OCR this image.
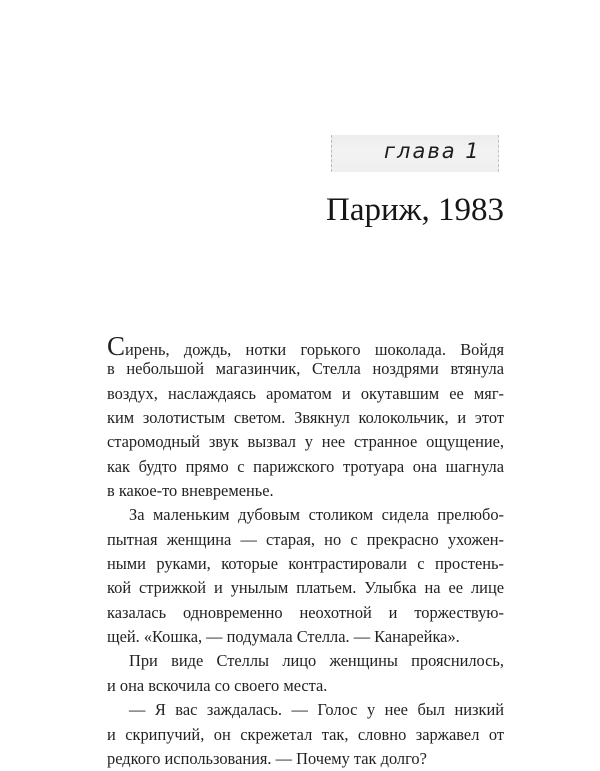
глава 1
Париж, 1983
Сирень, дождь, нотки горького шоколада. Войдя
в небольшой магазинчик, Стелла ноздрями втянула
воздух, наслаждаясь ароматом и окутавшим ее мяг-
ким золотистым светом. Звякнул колокольчик, и этот
старомодный звук вызвал у нее странное ощущение,
как будто прямо с парижского тротуара она шагнула
в какое-то вневременье.
За маленьким дубовым столиком сидела прелюбо-
пытная женщина — старая, но с прекрасно ухожен-
ными руками, которые контрастировали с простень-
кой стрижкой и унылым платьем. Улыбка на ее лице
казалась одновременно неохотной и торжествую-
щей. «Кошка, — подумала Стелла. — Канарейка».
При виде Стеллы лицо женщины прояснилось,
и она вскочила со своего места.
— Я вас заждалась. — Голос у нее был низкий
и скрипучий, он скрежетал так, словно заржавел от
редкого использования. — Почему так долго?
